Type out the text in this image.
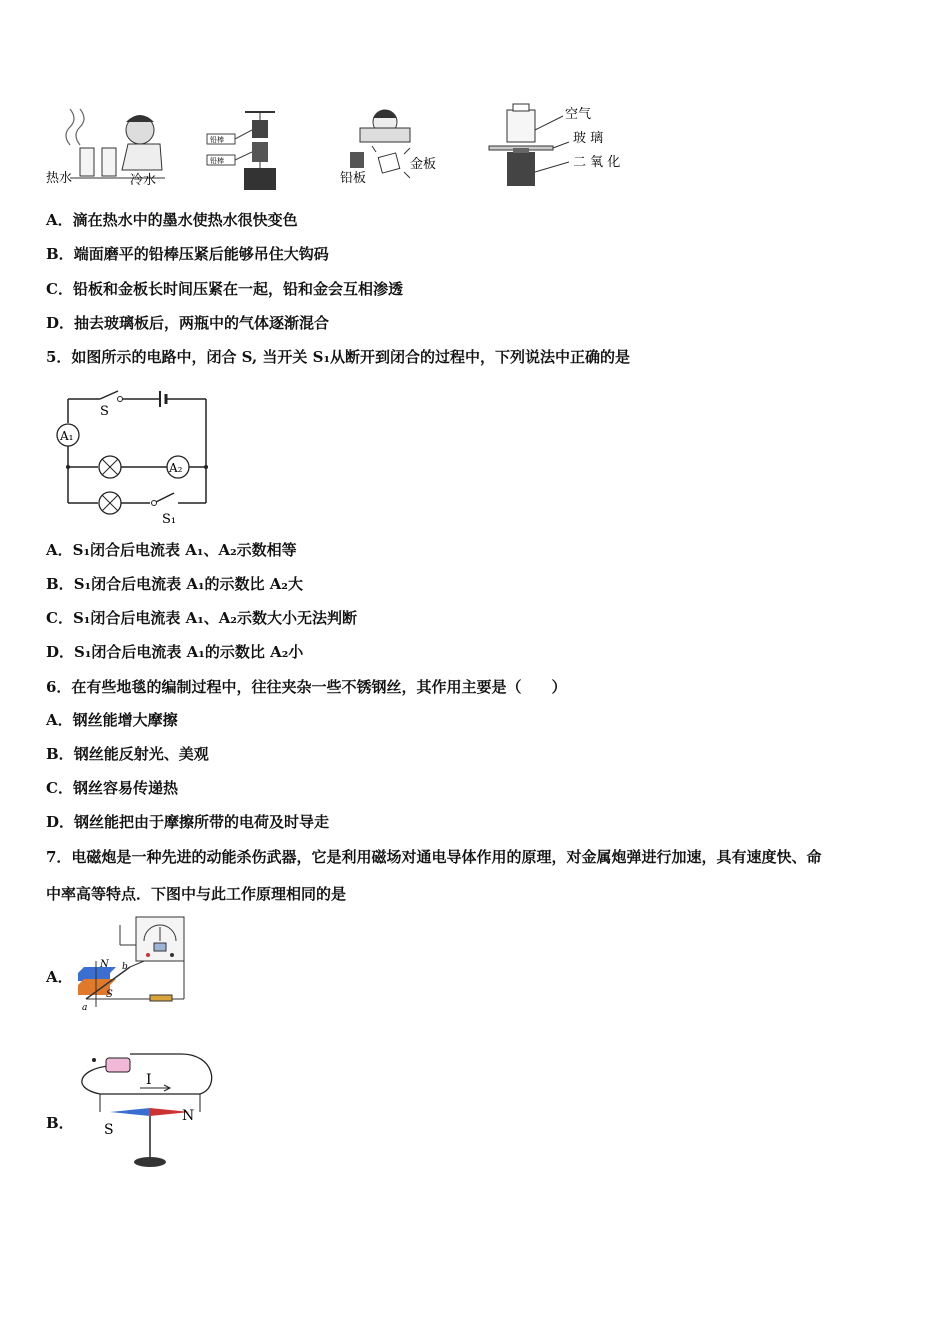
热水	冷水
铅棒
铅棒
铅板
金板
空气
玻 璃
二 氧 化
A．滴在热水中的墨水使热水很快变色
B．端面磨平的铅棒压紧后能够吊住大钩码
C．铅板和金板长时间压紧在一起，铅和金会互相渗透
D．抽去玻璃板后，两瓶中的气体逐渐混合
5．如图所示的电路中，闭合 S, 当开关 S₁从断开到闭合的过程中，下列说法中正确的是
A₁
A₂
S
S₁
A．S₁闭合后电流表 A₁、A₂示数相等
B．S₁闭合后电流表 A₁的示数比 A₂大
C．S₁闭合后电流表 A₁、A₂示数大小无法判断
D．S₁闭合后电流表 A₁的示数比 A₂小
6．在有些地毯的编制过程中，往往夹杂一些不锈钢丝，其作用主要是（　　）
A．钢丝能增大摩擦
B．钢丝能反射光、美观
C．钢丝容易传递热
D．钢丝能把由于摩擦所带的电荷及时导走
7．电磁炮是一种先进的动能杀伤武器，它是利用磁场对通电导体作用的原理，对金属炮弹进行加速，具有速度快、命
中率高等特点．下图中与此工作原理相同的是
A．
N
S
a
b
B．
I
S
N
